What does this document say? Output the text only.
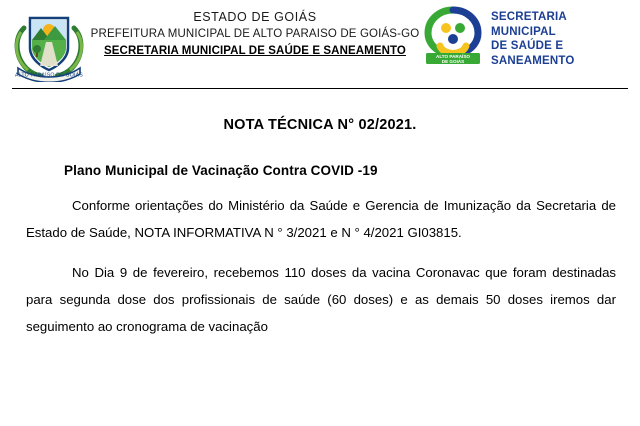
ALTO PARAÍSO DE GOIÁS
ESTADO DE GOIÁS
PREFEITURA MUNICIPAL DE ALTO PARAISO DE GOIÁS-GO
SECRETARIA MUNICIPAL DE SAÚDE E SANEAMENTO	ALTO PARAÍSO
DE GOIÁS
SECRETARIA MUNICIPAL
DE SAÚDE E
SANEAMENTO
NOTA TÉCNICA N° 02/2021.
Plano Municipal de Vacinação Contra COVID -19

Conforme orientações do Ministério da Saúde e Gerencia de Imunização da Secretaria de Estado de Saúde, NOTA INFORMATIVA N ° 3/2021 e N ° 4/2021 GI03815.

No Dia 9 de fevereiro, recebemos 110 doses da vacina Coronavac que foram destinadas para segunda dose dos profissionais de saúde (60 doses) e as demais 50 doses iremos dar seguimento ao cronograma de vacinação
